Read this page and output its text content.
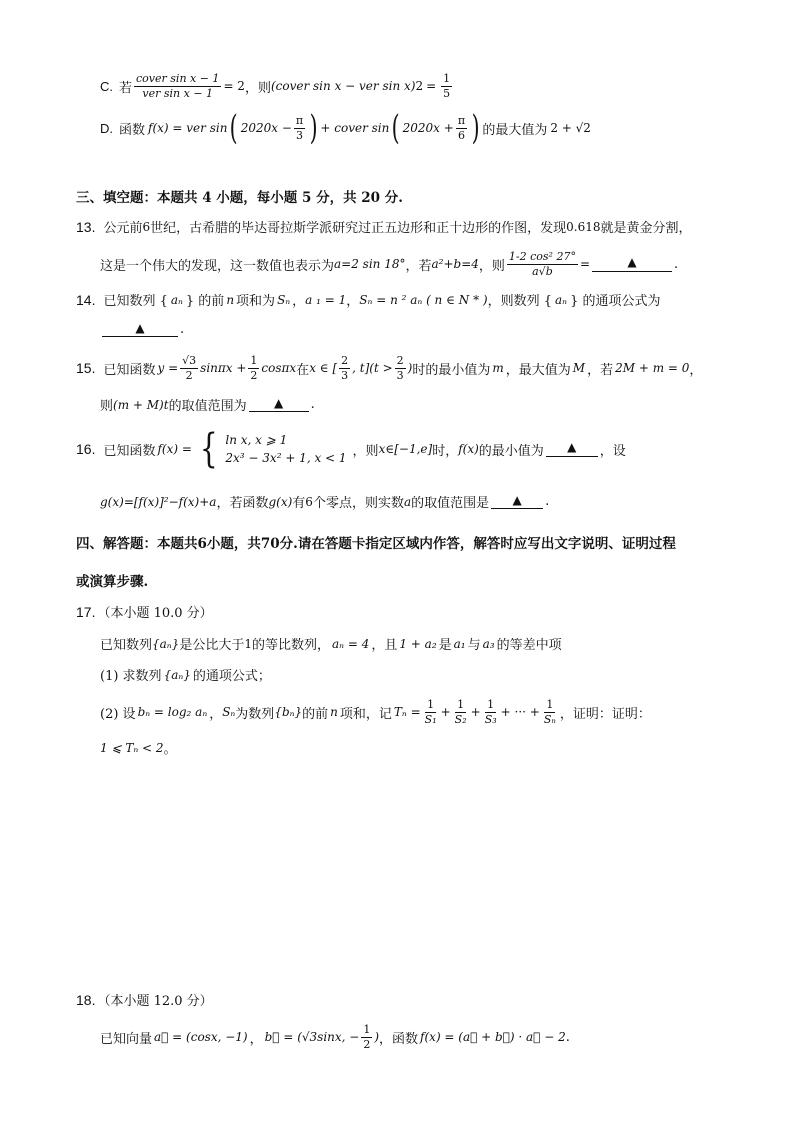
C. 若 $\frac{\text{cover sin x − 1}}{\text{ver sin x − 1}} = 2$ ，则 (cover sin x − ver sin x) $2 = \frac{1}{5}$
D. 函数 f(x) = ver sin ( $2020x - \frac{\pi}{3}$ ) + cover sin ( $2020x + \frac{\pi}{6}$ ) 的最大值为 2 + √2
三、填空题：本题共 4 小题，每小题 5 分，共 20 分.
13. 公元前 6 世纪，古希腊的毕达哥拉斯学派研究过正五边形和正十边形的作图，发现 0.618 就是黄金分割，
这是一个伟大的发现，这一数值也表示为 a=2 sin 18° ，若 a²+b=4 ，则 $\frac{\text{1-2 cos² 27°}}{a√b}$ =	▲	.
14. 已知数列 { aₙ } 的前 n 项和为 Sₙ ， a ₁ = 1 ， Sₙ = n ² aₙ ( n ∈ N * ) ，则数列 { aₙ } 的通项公式为
▲	.
15. 已知函数 $y = \frac{√3}{2}$ $\sin\pi x + \frac{1}{2}$ cosπx 在 x ∈ [ $\frac{2}{3}$ , $t](t > \frac{2}{3}$ ) 时的最小值为 m ，最大值为 M ，若 2M + m = 0 ，
则 (m + M)t 的取值范围为	▲	.
16. 已知函数 f(x) = { ln x, x ⩾ 1
2x³ − 3x² + 1, x < 1 ，则 x∈[−1,e] 时， f(x) 的最小值为	▲	，设
g(x)=[f(x)]²−f(x)+a ，若函数 g(x) 有 6 个零点，则实数 a 的取值范围是	▲	.
四、解答题：本题共6小题，共70分.请在答题卡指定区域内作答，解答时应写出文字说明、证明过程
或演算步骤.
17. （本小题 10.0 分）
已知数列 {aₙ} 是公比大于 1 的等比数列， aₙ = 4 ，且 1 + a₂ 是 a₁ 与 a₃ 的等差中项
(1) 求数列 {aₙ} 的通项公式；
(2) 设 bₙ = log₂ aₙ ， Sₙ 为数列 {bₙ} 的前 n 项和，记 $T_n = \frac{1}{\text{S₁}} + \frac{1}{\text{S₂}} + \frac{1}{\text{S₃}}$ + ··· + $\frac{1}{\text{Sₙ}}$ ，证明：证明：
1 ⩽ Tₙ < 2 。
18. （本小题 12.0 分）
已知向量 a⃗ = (cosx, −1) ， b⃗ = (√3sinx, − $\frac{1}{2}$ ) ，函数 f(x) = (a⃗ + b⃗) · a⃗ − 2 .
